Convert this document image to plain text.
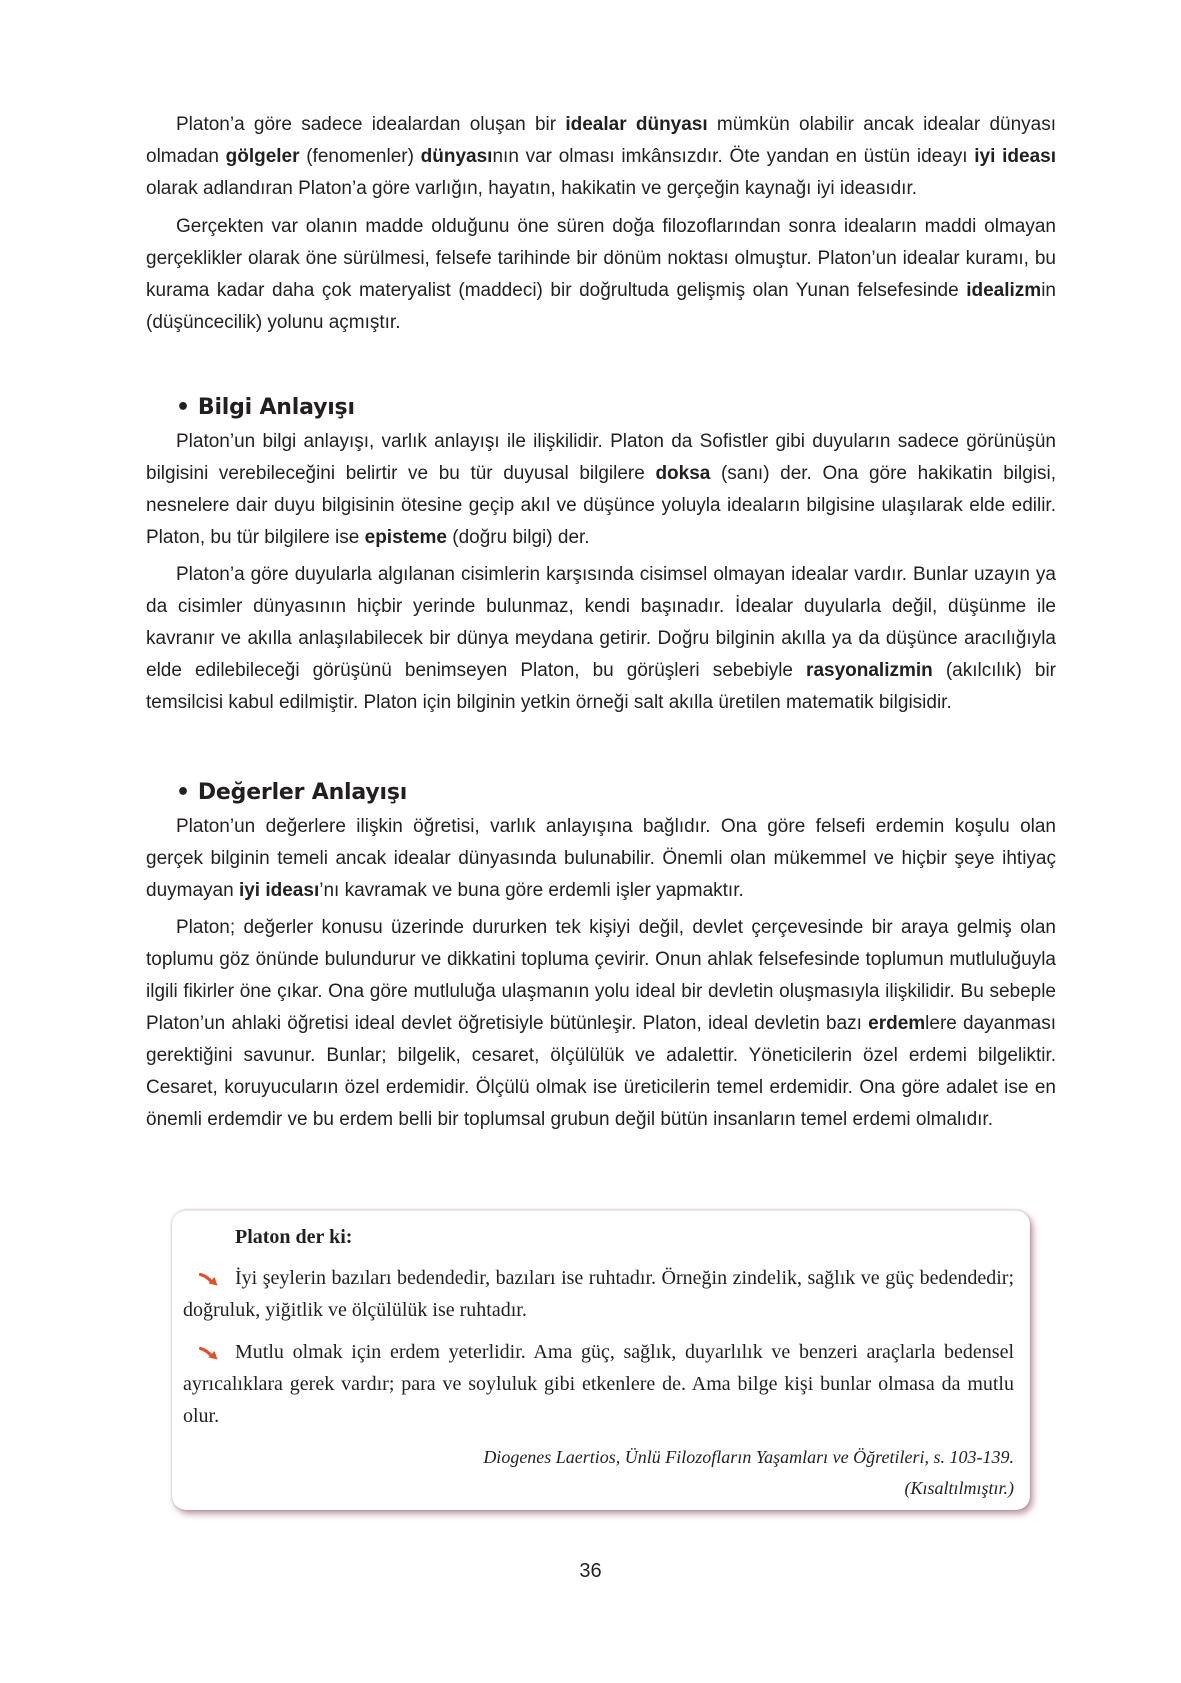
Platon’a göre sadece idealardan oluşan bir idealar dünyası mümkün olabilir ancak idealar dünyası olmadan gölgeler (fenomenler) dünyasının var olması imkânsızdır. Öte yandan en üstün ideayı iyi ideası olarak adlandıran Platon’a göre varlığın, hayatın, hakikatin ve gerçeğin kaynağı iyi ideasıdır.

Gerçekten var olanın madde olduğunu öne süren doğa filozoflarından sonra ideaların maddi olmayan gerçeklikler olarak öne sürülmesi, felsefe tarihinde bir dönüm noktası olmuştur. Platon’un idealar kuramı, bu kurama kadar daha çok materyalist (maddeci) bir doğrultuda gelişmiş olan Yunan felsefesinde idealizmin (düşüncecilik) yolunu açmıştır.

• Bilgi Anlayışı

Platon’un bilgi anlayışı, varlık anlayışı ile ilişkilidir. Platon da Sofistler gibi duyuların sadece görünüşün bilgisini verebileceğini belirtir ve bu tür duyusal bilgilere doksa (sanı) der. Ona göre hakikatin bilgisi, nesnelere dair duyu bilgisinin ötesine geçip akıl ve düşünce yoluyla ideaların bilgisine ulaşılarak elde edilir. Platon, bu tür bilgilere ise episteme (doğru bilgi) der.

Platon’a göre duyularla algılanan cisimlerin karşısında cisimsel olmayan idealar vardır. Bunlar uzayın ya da cisimler dünyasının hiçbir yerinde bulunmaz, kendi başınadır. İdealar duyularla değil, düşünme ile kavranır ve akılla anlaşılabilecek bir dünya meydana getirir. Doğru bilginin akılla ya da düşünce aracılığıyla elde edilebileceği görüşünü benimseyen Platon, bu görüşleri sebebiyle rasyonalizmin (akılcılık) bir temsilcisi kabul edilmiştir. Platon için bilginin yetkin örneği salt akılla üretilen matematik bilgisidir.

• Değerler Anlayışı

Platon’un değerlere ilişkin öğretisi, varlık anlayışına bağlıdır. Ona göre felsefi erdemin koşulu olan gerçek bilginin temeli ancak idealar dünyasında bulunabilir. Önemli olan mükemmel ve hiçbir şeye ihtiyaç duymayan iyi ideası’nı kavramak ve buna göre erdemli işler yapmaktır.

Platon; değerler konusu üzerinde dururken tek kişiyi değil, devlet çerçevesinde bir araya gelmiş olan toplumu göz önünde bulundurur ve dikkatini topluma çevirir. Onun ahlak felsefesinde toplumun mutluluğuyla ilgili fikirler öne çıkar. Ona göre mutluluğa ulaşmanın yolu ideal bir devletin oluşmasıyla ilişkilidir. Bu sebeple Platon’un ahlaki öğretisi ideal devlet öğretisiyle bütünleşir. Platon, ideal devletin bazı erdemlere dayanması gerektiğini savunur. Bunlar; bilgelik, cesaret, ölçülülük ve adalettir. Yöneticilerin özel erdemi bilgeliktir. Cesaret, koruyucuların özel erdemidir. Ölçülü olmak ise üreticilerin temel erdemidir. Ona göre adalet ise en önemli erdemdir ve bu erdem belli bir toplumsal grubun değil bütün insanların temel erdemi olmalıdır.

Platon der ki:

İyi şeylerin bazıları bedendedir, bazıları ise ruhtadır. Örneğin zindelik, sağlık ve güç bedendedir; doğruluk, yiğitlik ve ölçülülük ise ruhtadır.

Mutlu olmak için erdem yeterlidir. Ama güç, sağlık, duyarlılık ve benzeri araçlarla bedensel ayrıcalıklara gerek vardır; para ve soyluluk gibi etkenlere de. Ama bilge kişi bunlar olmasa da mutlu olur.

Diogenes Laertios, Ünlü Filozofların Yaşamları ve Öğretileri, s. 103-139.
(Kısaltılmıştır.)

36
